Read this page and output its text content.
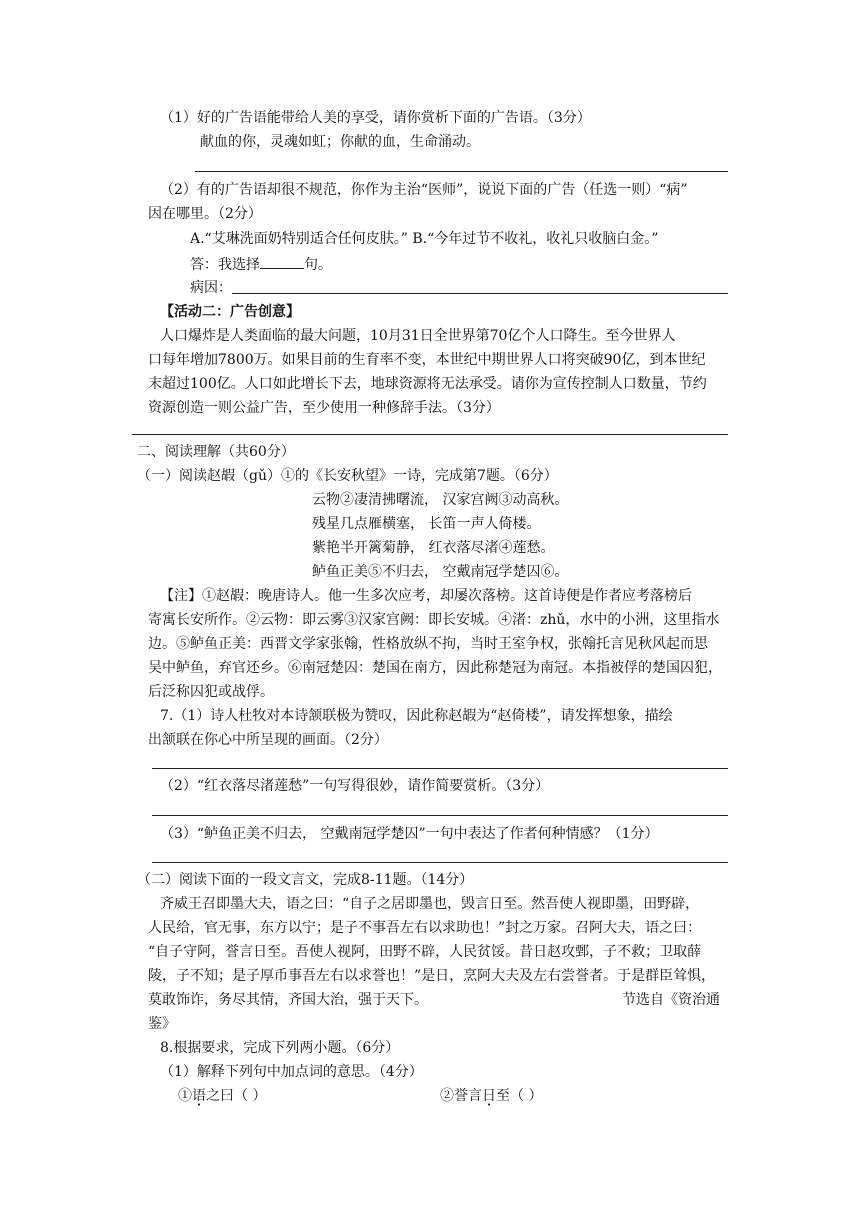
（1）好的广告语能带给人美的享受，请你赏析下面的广告语。（3分）
献血的你，灵魂如虹；你献的血，生命涌动。
（2）有的广告语却很不规范，你作为主治“医师”，说说下面的广告（任选一则）“病”
因在哪里。（2分）
A.“艾琳洗面奶特别适合任何皮肤。” B.“今年过节不收礼，收礼只收脑白金。”
答：我选择	句。
病因：
【活动二：广告创意】
人口爆炸是人类面临的最大问题，10月31日全世界第70亿个人口降生。至今世界人
口每年增加7800万。如果目前的生育率不变，本世纪中期世界人口将突破90亿，到本世纪
末超过100亿。人口如此增长下去，地球资源将无法承受。请你为宣传控制人口数量，节约
资源创造一则公益广告，至少使用一种修辞手法。（3分）
二、阅读理解（共60分）
（一）阅读赵嘏（gǔ）①的《长安秋望》一诗，完成第7题。（6分）
云物②凄清拂曙流， 汉家宫阙③动高秋。
残星几点雁横塞， 长笛一声人倚楼。
紫艳半开篱菊静， 红衣落尽渚④莲愁。
鲈鱼正美⑤不归去， 空戴南冠学楚囚⑥。
【注】①赵嘏：晚唐诗人。他一生多次应考，却屡次落榜。这首诗便是作者应考落榜后
寄寓长安所作。②云物：即云雾③汉家宫阙：即长安城。④渚：zhǔ，水中的小洲，这里指水
边。⑤鲈鱼正美：西晋文学家张翰，性格放纵不拘，当时王室争权，张翰托言见秋风起而思
吴中鲈鱼，弃官还乡。⑥南冠楚囚：楚国在南方，因此称楚冠为南冠。本指被俘的楚国囚犯，
后泛称囚犯或战俘。
7.（1）诗人杜牧对本诗颔联极为赞叹，因此称赵嘏为“赵倚楼”，请发挥想象，描绘
出颔联在你心中所呈现的画面。（2分）
（2）“红衣落尽渚莲愁”一句写得很妙，请作简要赏析。（3分）
（3）“鲈鱼正美不归去， 空戴南冠学楚囚”一句中表达了作者何种情感？（1分）
（二）阅读下面的一段文言文，完成8-11题。（14分）
齐威王召即墨大夫，语之曰：“自子之居即墨也，毁言日至。然吾使人视即墨，田野辟，
人民给，官无事，东方以宁；是子不事吾左右以求助也！”封之万家。召阿大夫，语之曰：
“自子守阿，誉言日至。吾使人视阿，田野不辟，人民贫馁。昔日赵攻鄄，子不救；卫取薛
陵，子不知；是子厚币事吾左右以求誉也！”是日，烹阿大夫及左右尝誉者。于是群臣耸惧，
莫敢饰诈，务尽其情，齐国大治，强于天下。	节选自《资治通
鉴》
8.根据要求，完成下列两小题。（6分）
（1）解释下列句中加点词的意思。（4分）
①语之曰（ ）	②誉言日至（ ）
